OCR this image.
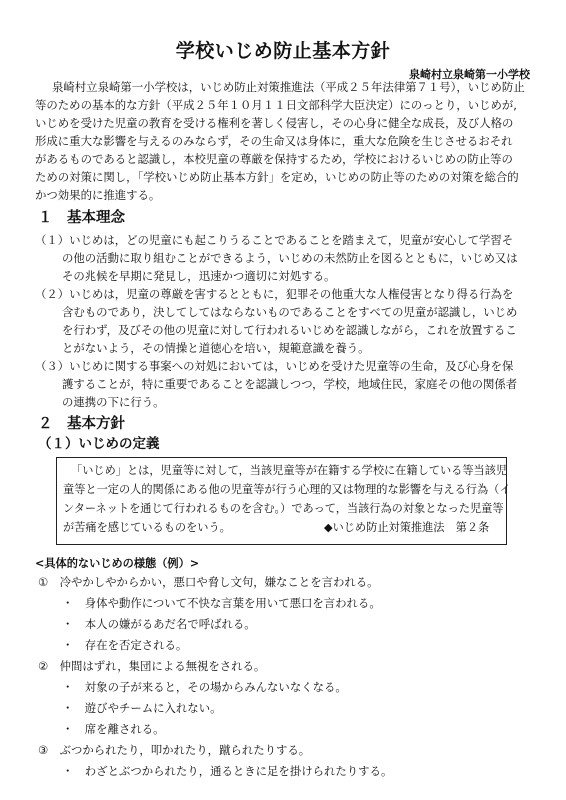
学校いじめ防止基本方針
泉崎村立泉崎第一小学校
泉崎村立泉崎第一小学校は，いじめ防止対策推進法（平成２５年法律第７１号），いじめ防止
等のための基本的な方針（平成２５年１０月１１日文部科学大臣決定）にのっとり，いじめが,
いじめを受けた児童の教育を受ける権利を著しく侵害し，その心身に健全な成長，及び人格の
形成に重大な影響を与えるのみならず，その生命又は身体に，重大な危険を生じさせるおそれ
があるものであると認識し，本校児童の尊厳を保持するため，学校におけるいじめの防止等の
ための対策に関し，「学校いじめ防止基本方針」を定め，いじめの防止等のための対策を総合的
かつ効果的に推進する。
１　基本理念
（１）いじめは，どの児童にも起こりうることであることを踏まえて，児童が安心して学習そ
の他の活動に取り組むことができるよう，いじめの未然防止を図るとともに，いじめ又は
その兆候を早期に発見し，迅速かつ適切に対処する。
（２）いじめは，児童の尊厳を害するとともに，犯罪その他重大な人権侵害となり得る行為を
含むものであり，決してしてはならないものであることをすべての児童が認識し，いじめ
を行わず，及びその他の児童に対して行われるいじめを認識しながら，これを放置するこ
とがないよう，その情操と道徳心を培い，規範意識を養う。
（３）いじめに関する事案への対処においては，いじめを受けた児童等の生命，及び心身を保
護することが，特に重要であることを認識しつつ，学校，地域住民，家庭その他の関係者
の連携の下に行う。
２　基本方針
（１）いじめの定義
「いじめ」とは，児童等に対して，当該児童等が在籍する学校に在籍している等当該児
童等と一定の人的関係にある他の児童等が行う心理的又は物理的な影響を与える行為（イ
ンターネットを通じて行われるものを含む。）であって，当該行為の対象となった児童等
が苦痛を感じているものをいう。	◆いじめ防止対策推進法　第２条
<具体的ないじめの様態（例）>
①　冷やかしやからかい，悪口や脅し文句，嫌なことを言われる。
・　身体や動作について不快な言葉を用いて悪口を言われる。
・　本人の嫌がるあだ名で呼ばれる。
・　存在を否定される。
②　仲間はずれ，集団による無視をされる。
・　対象の子が来ると，その場からみんないなくなる。
・　遊びやチームに入れない。
・　席を離される。
③　ぶつかられたり，叩かれたり，蹴られたりする。
・　わざとぶつかられたり，通るときに足を掛けられたりする。
